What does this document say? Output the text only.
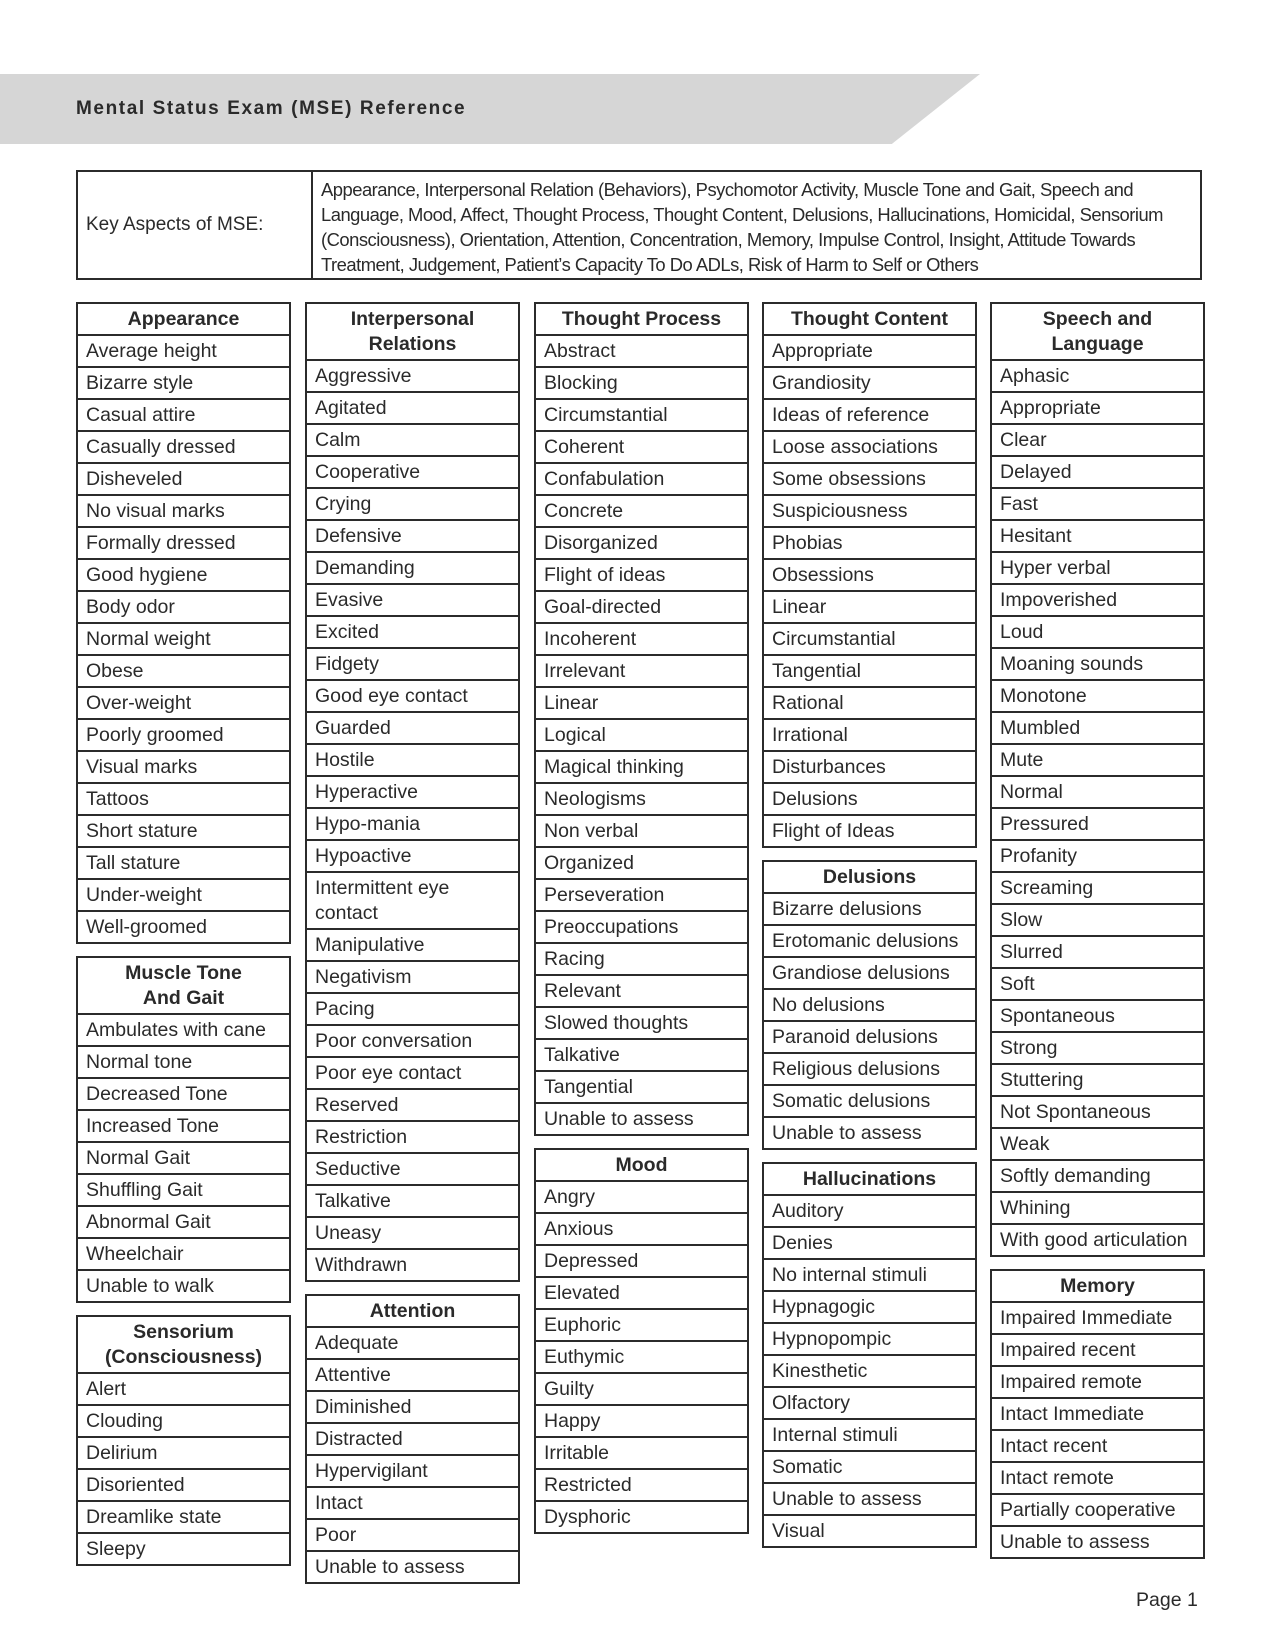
Mental Status Exam (MSE) Reference
Key Aspects of MSE:
Appearance, Interpersonal Relation (Behaviors), Psychomotor Activity, Muscle Tone and Gait, Speech and Language, Mood, Affect, Thought Process, Thought Content, Delusions, Hallucinations, Homicidal, Sensorium (Consciousness), Orientation, Attention, Concentration, Memory, Impulse Control, Insight, Attitude Towards Treatment, Judgement, Patient’s Capacity To Do ADLs, Risk of Harm to Self or Others
Appearance
Average height
Bizarre style
Casual attire
Casually dressed
Disheveled
No visual marks
Formally dressed
Good hygiene
Body odor
Normal weight
Obese
Over-weight
Poorly groomed
Visual marks
Tattoos
Short stature
Tall stature
Under-weight
Well-groomed
Muscle Tone And Gait
Ambulates with cane
Normal tone
Decreased Tone
Increased Tone
Normal Gait
Shuffling Gait
Abnormal Gait
Wheelchair
Unable to walk
Sensorium (Consciousness)
Alert
Clouding
Delirium
Disoriented
Dreamlike state
Sleepy
Interpersonal Relations
Aggressive
Agitated
Calm
Cooperative
Crying
Defensive
Demanding
Evasive
Excited
Fidgety
Good eye contact
Guarded
Hostile
Hyperactive
Hypo-mania
Hypoactive
Intermittent eye contact
Manipulative
Negativism
Pacing
Poor conversation
Poor eye contact
Reserved
Restriction
Seductive
Talkative
Uneasy
Withdrawn
Attention
Adequate
Attentive
Diminished
Distracted
Hypervigilant
Intact
Poor
Unable to assess
Thought Process
Abstract
Blocking
Circumstantial
Coherent
Confabulation
Concrete
Disorganized
Flight of ideas
Goal-directed
Incoherent
Irrelevant
Linear
Logical
Magical thinking
Neologisms
Non verbal
Organized
Perseveration
Preoccupations
Racing
Relevant
Slowed thoughts
Talkative
Tangential
Unable to assess
Mood
Angry
Anxious
Depressed
Elevated
Euphoric
Euthymic
Guilty
Happy
Irritable
Restricted
Dysphoric
Thought Content
Appropriate
Grandiosity
Ideas of reference
Loose associations
Some obsessions
Suspiciousness
Phobias
Obsessions
Linear
Circumstantial
Tangential
Rational
Irrational
Disturbances
Delusions
Flight of Ideas
Delusions
Bizarre delusions
Erotomanic delusions
Grandiose delusions
No delusions
Paranoid delusions
Religious delusions
Somatic delusions
Unable to assess
Hallucinations
Auditory
Denies
No internal stimuli
Hypnagogic
Hypnopompic
Kinesthetic
Olfactory
Internal stimuli
Somatic
Unable to assess
Visual
Speech and Language
Aphasic
Appropriate
Clear
Delayed
Fast
Hesitant
Hyper verbal
Impoverished
Loud
Moaning sounds
Monotone
Mumbled
Mute
Normal
Pressured
Profanity
Screaming
Slow
Slurred
Soft
Spontaneous
Strong
Stuttering
Not Spontaneous
Weak
Softly demanding
Whining
With good articulation
Memory
Impaired Immediate
Impaired recent
Impaired remote
Intact Immediate
Intact recent
Intact remote
Partially cooperative
Unable to assess
Page 1
